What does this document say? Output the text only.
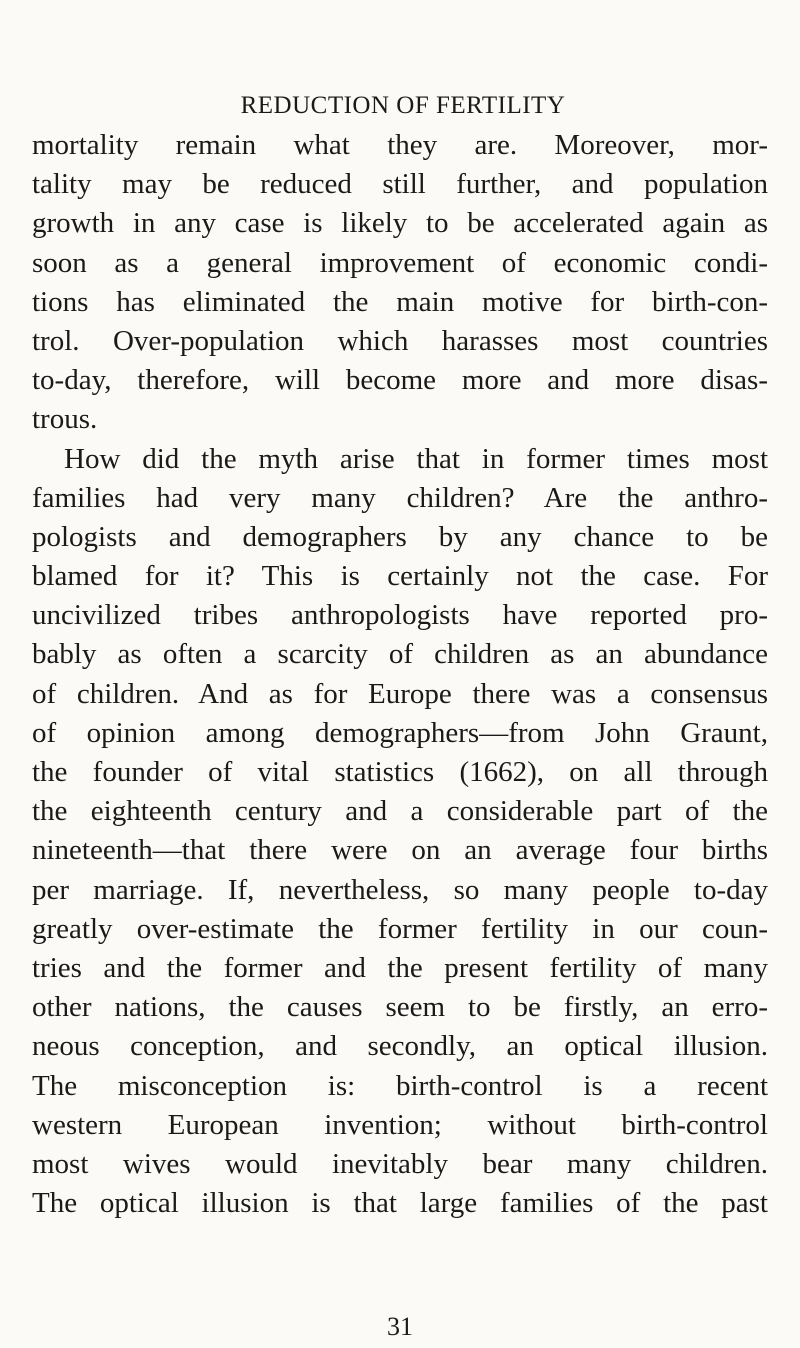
REDUCTION OF FERTILITY
mortality remain what they are. Moreover, mor-
tality may be reduced still further, and population
growth in any case is likely to be accelerated again as
soon as a general improvement of economic condi-
tions has eliminated the main motive for birth-con-
trol. Over-population which harasses most countries
to-day, therefore, will become more and more disas-
trous.
How did the myth arise that in former times most
families had very many children? Are the anthro-
pologists and demographers by any chance to be
blamed for it? This is certainly not the case. For
uncivilized tribes anthropologists have reported pro-
bably as often a scarcity of children as an abundance
of children. And as for Europe there was a consensus
of opinion among demographers—from John Graunt,
the founder of vital statistics (1662), on all through
the eighteenth century and a considerable part of the
nineteenth—that there were on an average four births
per marriage. If, nevertheless, so many people to-day
greatly over-estimate the former fertility in our coun-
tries and the former and the present fertility of many
other nations, the causes seem to be firstly, an erro-
neous conception, and secondly, an optical illusion.
The misconception is: birth-control is a recent
western European invention; without birth-control
most wives would inevitably bear many children.
The optical illusion is that large families of the past
31
